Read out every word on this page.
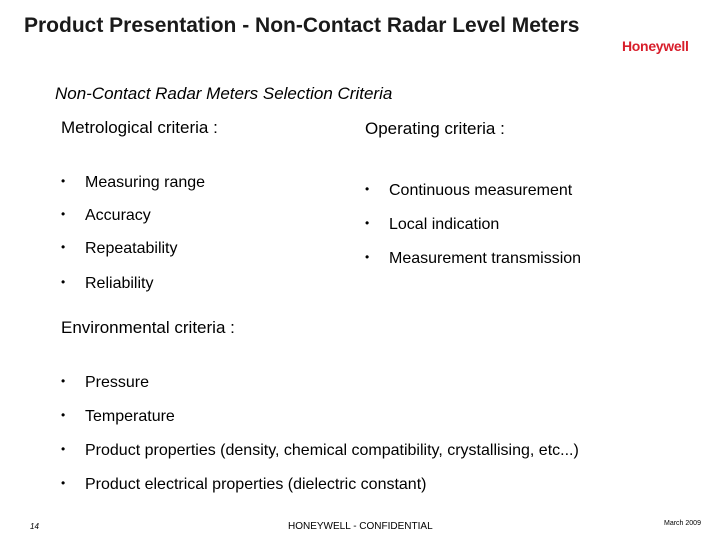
Product Presentation - Non-Contact Radar Level Meters
Honeywell
Non-Contact Radar Meters Selection Criteria
Metrological criteria :
• Measuring range
• Accuracy
• Repeatability
• Reliability
Operating criteria :
• Continuous measurement
• Local indication
• Measurement transmission
Environmental criteria :
• Pressure
• Temperature
• Product properties (density, chemical compatibility, crystallising, etc...)
• Product electrical properties (dielectric constant)
14	HONEYWELL - CONFIDENTIAL	March 2009
